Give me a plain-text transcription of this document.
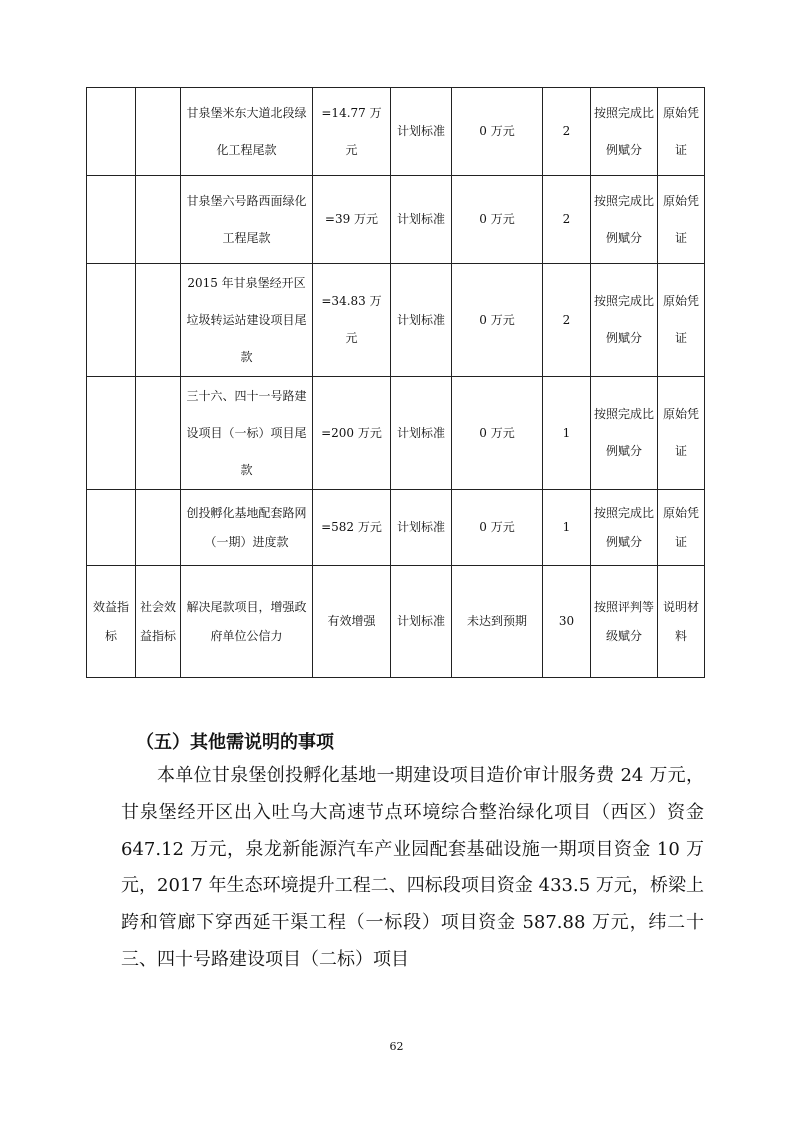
		甘泉堡米东大道北段绿化工程尾款	=14.77 万元	计划标准	0 万元	2	按照完成比例赋分	原始凭证
		甘泉堡六号路西面绿化工程尾款	=39 万元	计划标准	0 万元	2	按照完成比例赋分	原始凭证
		2015 年甘泉堡经开区垃圾转运站建设项目尾款	=34.83 万元	计划标准	0 万元	2	按照完成比例赋分	原始凭证
		三十六、四十一号路建设项目（一标）项目尾款	=200 万元	计划标准	0 万元	1	按照完成比例赋分	原始凭证
		创投孵化基地配套路网（一期）进度款	=582 万元	计划标准	0 万元	1	按照完成比例赋分	原始凭证
效益指标	社会效益指标	解决尾款项目，增强政府单位公信力	有效增强	计划标准	未达到预期	30	按照评判等级赋分	说明材料
（五）其他需说明的事项

本单位甘泉堡创投孵化基地一期建设项目造价审计服务费 24 万元，甘泉堡经开区出入吐乌大高速节点环境综合整治绿化项目（西区）资金 647.12 万元，泉龙新能源汽车产业园配套基础设施一期项目资金 10 万元，2017 年生态环境提升工程二、四标段项目资金 433.5 万元，桥梁上跨和管廊下穿西延干渠工程（一标段）项目资金 587.88 万元，纬二十三、四十号路建设项目（二标）项目

62
